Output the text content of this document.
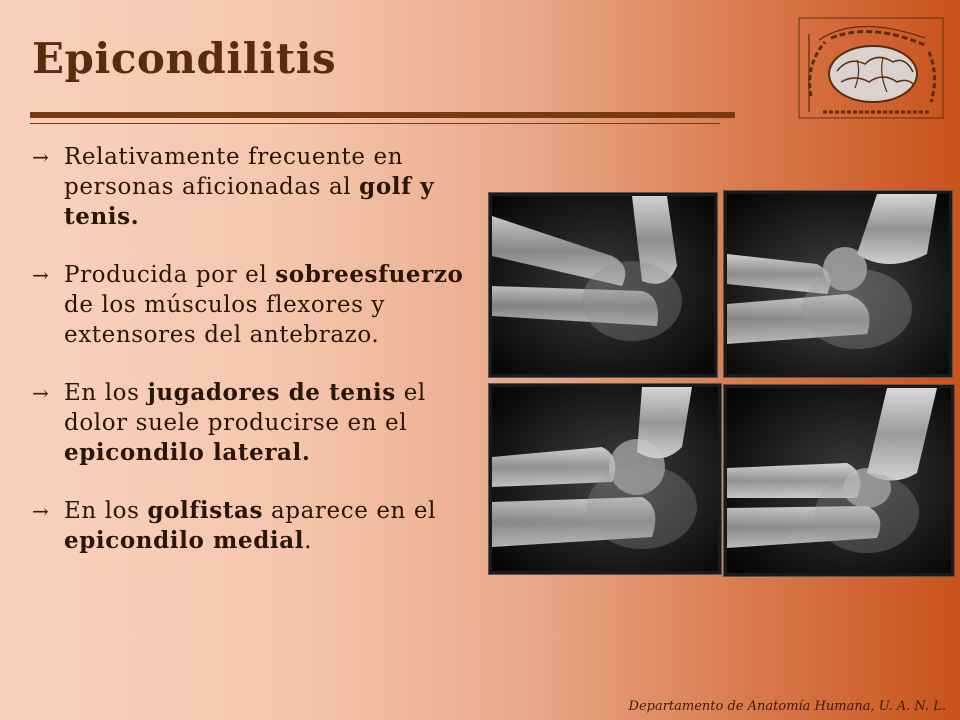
Epicondilitis
→ Relativamente frecuente en personas aficionadas al golf y tenis.
→ Producida por el sobreesfuerzo de los músculos flexores y extensores del antebrazo.
→ En los jugadores de tenis el dolor suele producirse en el epicondilo lateral.
→ En los golfistas aparece en el epicondilo medial.
Departamento de Anatomía Humana, U. A. N. L.
